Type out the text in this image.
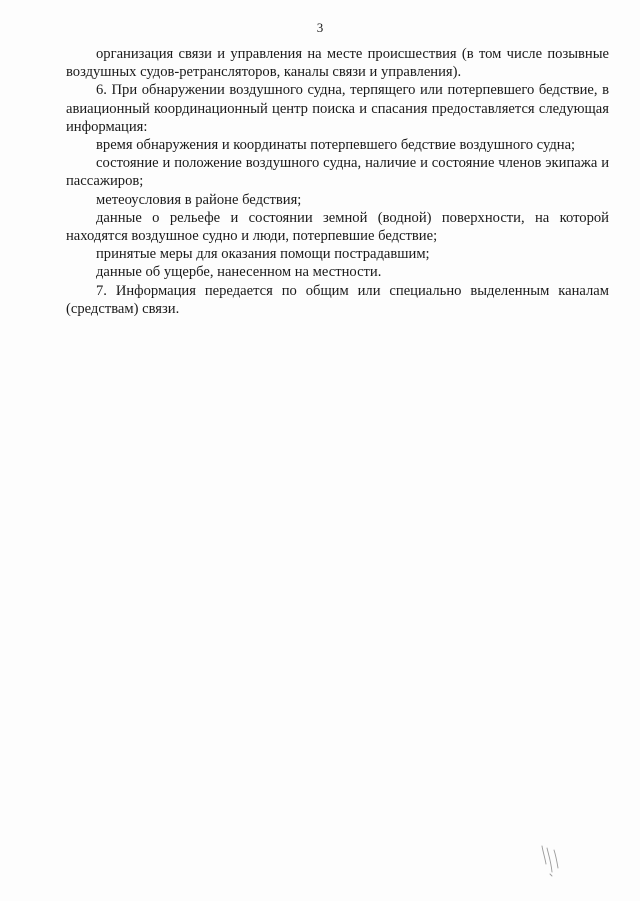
3

организация связи и управления на месте происшествия (в том числе позывные воздушных судов-ретрансляторов, каналы связи и управления).

6. При обнаружении воздушного судна, терпящего или потерпевшего бедствие, в авиационный координационный центр поиска и спасания предоставляется следующая информация:

время обнаружения и координаты потерпевшего бедствие воздушного судна;

состояние и положение воздушного судна, наличие и состояние членов экипажа и пассажиров;

метеоусловия в районе бедствия;

данные о рельефе и состоянии земной (водной) поверхности, на которой находятся воздушное судно и люди, потерпевшие бедствие;

принятые меры для оказания помощи пострадавшим;

данные об ущербе, нанесенном на местности.

7. Информация передается по общим или специально выделенным каналам (средствам) связи.
